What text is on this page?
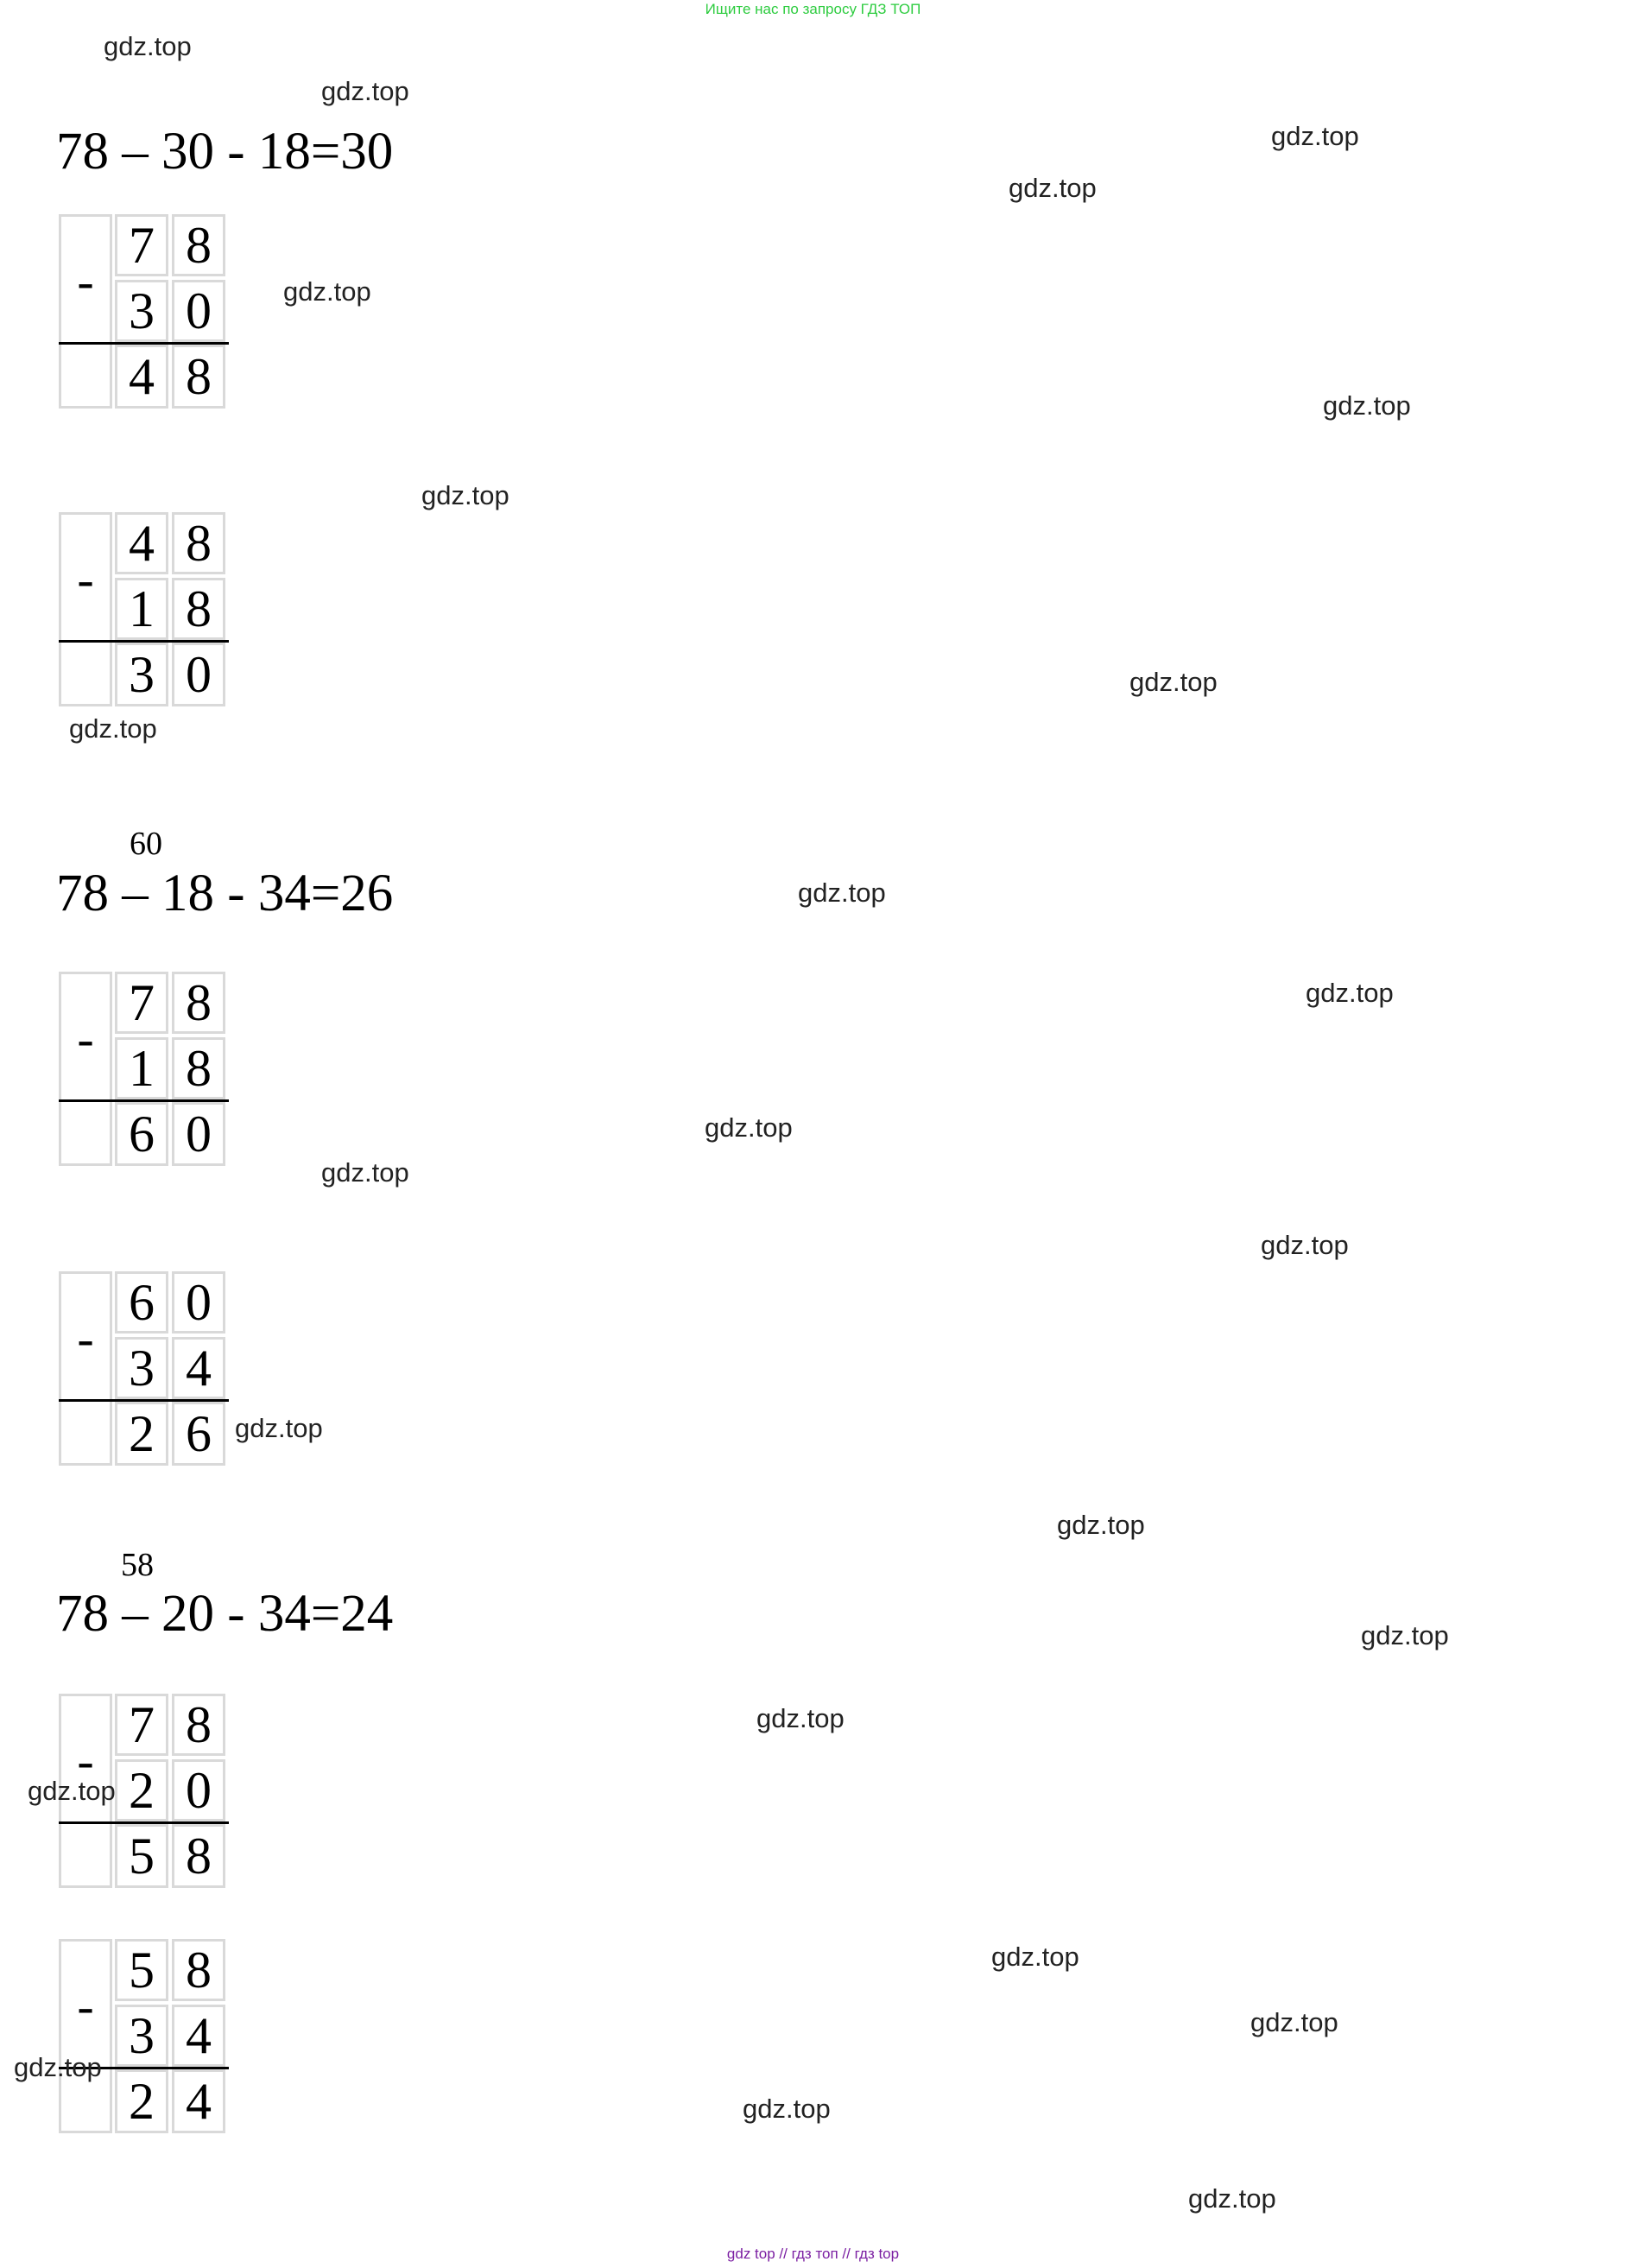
Ищите нас по запросу ГДЗ ТОП
78 – 30 - 18=30
-
7 8
3 0
4 8
-
4 8
1 8
3 0
60
78 – 18 - 34=26
-
7 8
1 8
6 0
-
6 0
3 4
2 6
58
78 – 20 - 34=24
-
7 8
2 0
5 8
-
5 8
3 4
2 4
gdz.top
gdz.top
gdz.top
gdz.top
gdz.top
gdz.top
gdz.top
gdz.top
gdz.top
gdz.top
gdz.top
gdz.top
gdz.top
gdz.top
gdz.top
gdz.top
gdz.top
gdz.top
gdz.top
gdz.top
gdz.top
gdz.top
gdz.top
gdz.top
gdz top // гдз топ // гдз top
